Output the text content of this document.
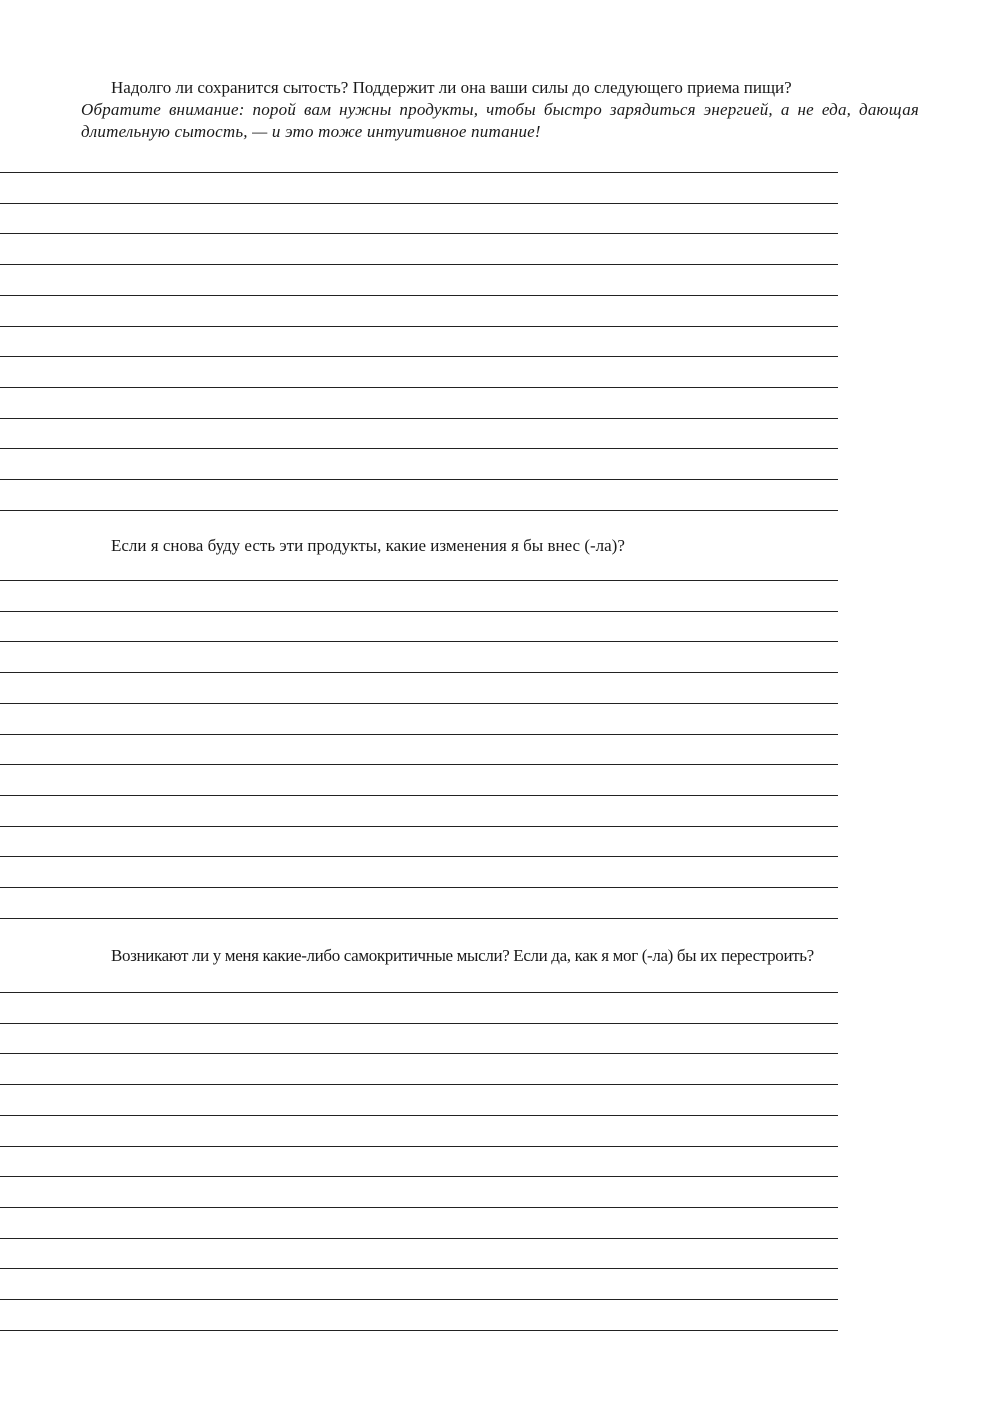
Надолго ли сохранится сытость? Поддержит ли она ваши силы до следующего приема пищи?
Обратите внимание: порой вам нужны продукты, чтобы быстро зарядиться энергией, а не еда, дающая длительную сытость, — и это тоже интуитивное питание!

Если я снова буду есть эти продукты, какие изменения я бы внес (-ла)?

Возникают ли у меня какие-либо самокритичные мысли? Если да, как я мог (-ла) бы их перестроить?
